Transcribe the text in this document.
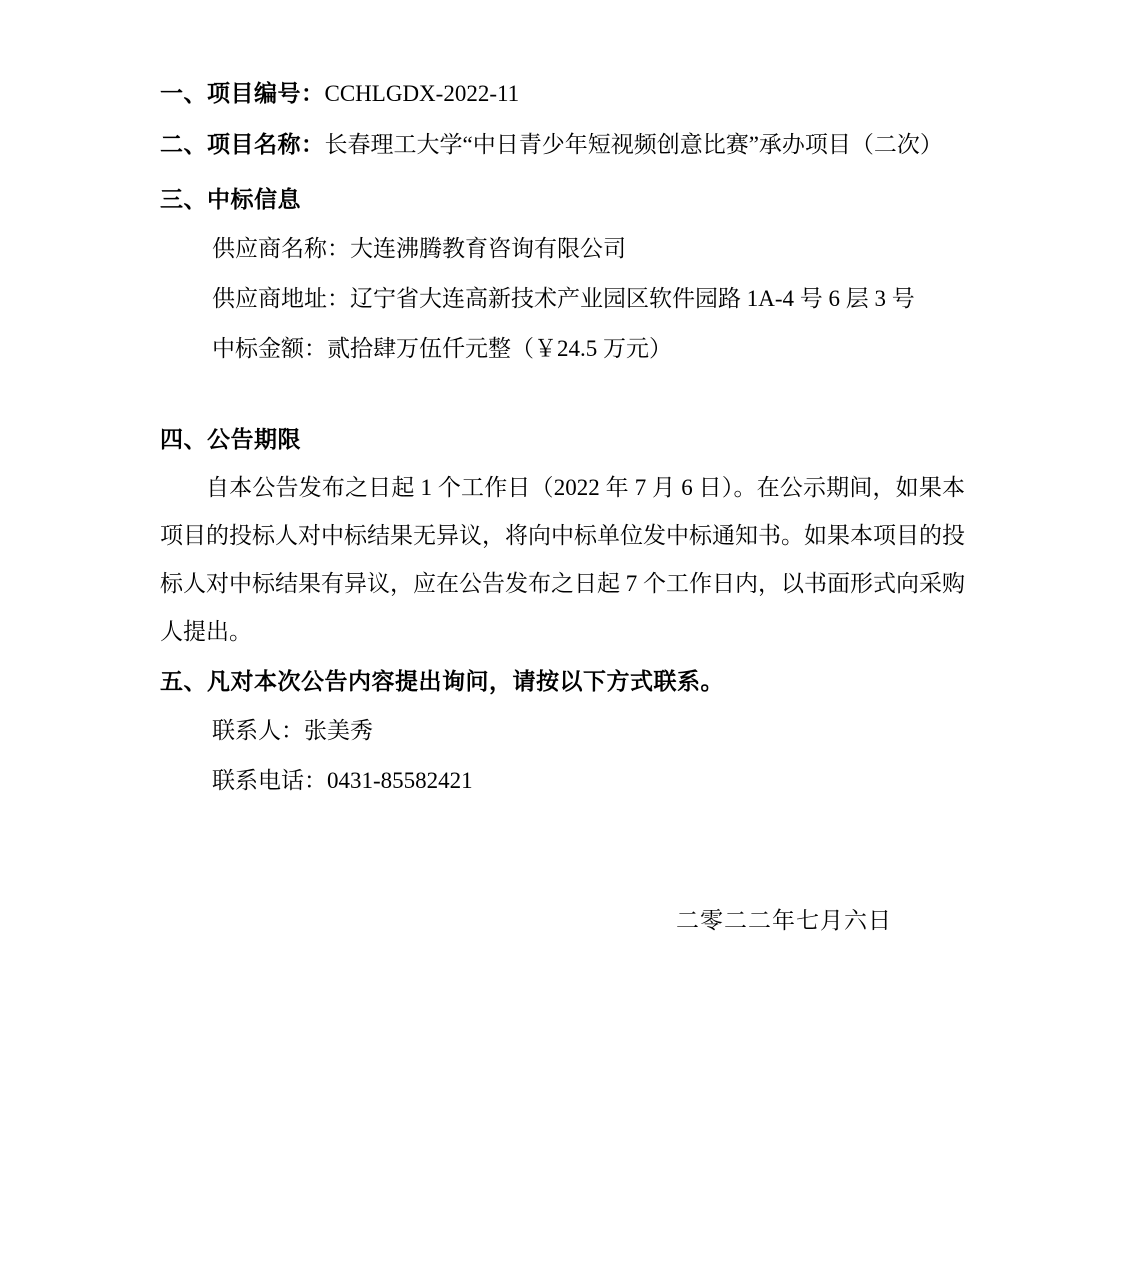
一、项目编号：CCHLGDX-2022-11
二、项目名称：长春理工大学“中日青少年短视频创意比赛”承办项目（二次）
三、中标信息
供应商名称：大连沸腾教育咨询有限公司
供应商地址：辽宁省大连高新技术产业园区软件园路 1A-4 号 6 层 3 号
中标金额：贰拾肆万伍仟元整（￥24.5 万元）
四、公告期限
自本公告发布之日起 1 个工作日（2022 年 7 月 6 日）。在公示期间，如果本项目的投标人对中标结果无异议，将向中标单位发中标通知书。如果本项目的投标人对中标结果有异议，应在公告发布之日起 7 个工作日内，以书面形式向采购人提出。
五、凡对本次公告内容提出询问，请按以下方式联系。
联系人：张美秀
联系电话：0431-85582421
二零二二年七月六日
